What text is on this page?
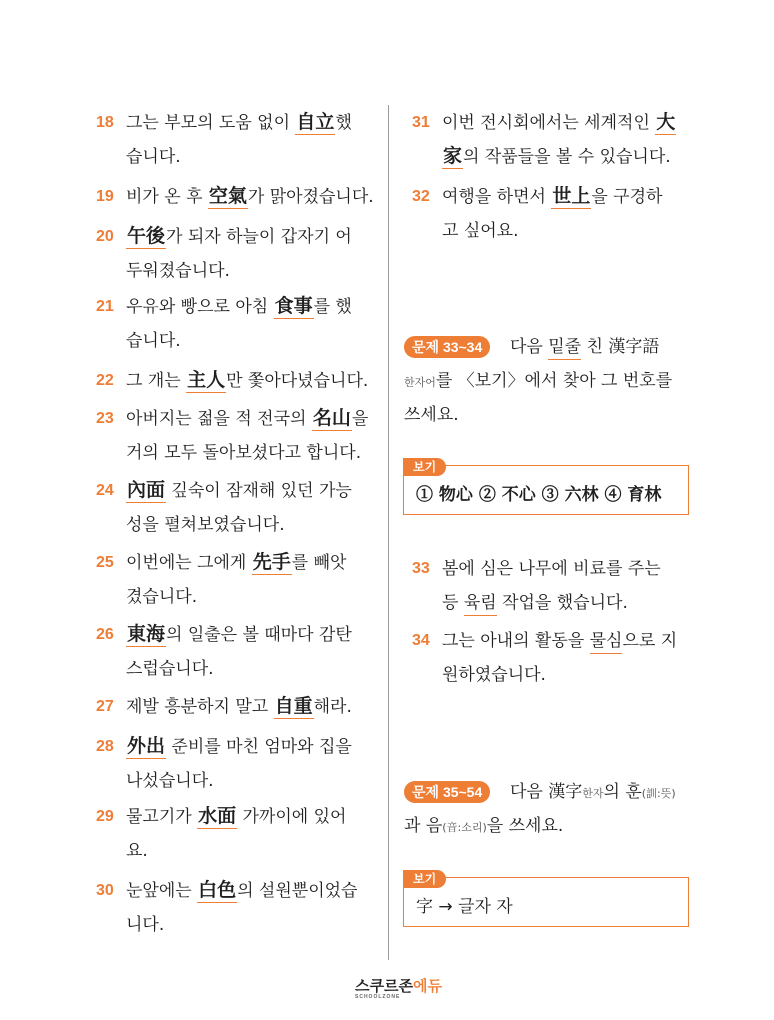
18 그는 부모의 도움 없이 自立했
습니다.
19 비가 온 후 空氣가 맑아졌습니다.
20 午後가 되자 하늘이 갑자기 어
두워졌습니다.
21 우유와 빵으로 아침 食事를 했
습니다.
22 그 개는 主人만 쫓아다녔습니다.
23 아버지는 젊을 적 전국의 名山을
거의 모두 돌아보셨다고 합니다.
24 內面 깊숙이 잠재해 있던 가능
성을 펼쳐보였습니다.
25 이번에는 그에게 先手를 빼앗
겼습니다.
26 東海의 일출은 볼 때마다 감탄
스럽습니다.
27 제발 흥분하지 말고 自重해라.
28 外出 준비를 마친 엄마와 집을
나섰습니다.
29 물고기가 水面 가까이에 있어
요.
30 눈앞에는 白色의 설원뿐이었습
니다.
31 이번 전시회에서는 세계적인 大
家의 작품들을 볼 수 있습니다.
32 여행을 하면서 世上을 구경하
고 싶어요.
문제 33~34	다음 밑줄 친 漢字語
한자어를 〈보기〉에서 찾아 그 번호를
쓰세요.
보기
① 物心 ② 不心 ③ 六林 ④ 育林
33 봄에 심은 나무에 비료를 주는
등 육림 작업을 했습니다.
34 그는 아내의 활동을 물심으로 지
원하였습니다.
문제 35~54	다음 漢字한자의 훈(訓:뜻)
과 음(音:소리)을 쓰세요.
보기
字 → 글자 자
스쿠르존에듀
SCHOOLZONE
